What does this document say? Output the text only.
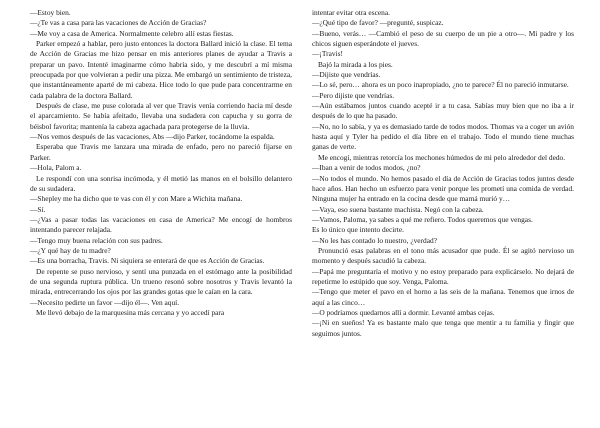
—Estoy bien.

—¿Te vas a casa para las vacaciones de Acción de Gracias?

—Me voy a casa de America. Normalmente celebro allí estas fiestas.

Parker empezó a hablar, pero justo entonces la doctora Ballard inició la clase. El tema de Acción de Gracias me hizo pensar en mis anteriores planes de ayudar a Travis a preparar un pavo. Intenté imaginarme cómo habría sido, y me descubrí a mí misma preocupada por que volvieran a pedir una pizza. Me embargó un sentimiento de tristeza, que instantáneamente aparté de mi cabeza. Hice todo lo que pude para concentrarme en cada palabra de la doctora Ballard.

Después de clase, me puse colorada al ver que Travis venía corriendo hacia mí desde el aparcamiento. Se había afeitado, llevaba una sudadera con capucha y su gorra de béisbol favorita; mantenía la cabeza agachada para protegerse de la lluvia.

—Nos vemos después de las vacaciones, Abs —dijo Parker, tocándome la espalda.

Esperaba que Travis me lanzara una mirada de enfado, pero no pareció fijarse en Parker.

—Hola, Palom a.

Le respondí con una sonrisa incómoda, y él metió las manos en el bolsillo delantero de su sudadera.

—Shepley me ha dicho que te vas con él y con Mare a Wichita mañana.

—Sí.

—¿Vas a pasar todas las vacaciones en casa de America? Me encogí de hombros intentando parecer relajada.

—Tengo muy buena relación con sus padres.

—¿Y qué hay de tu madre?

—Es una borracha, Travis. Ni siquiera se enterará de que es Acción de Gracias.

De repente se puso nervioso, y sentí una punzada en el estómago ante la posibilidad de una segunda ruptura pública. Un trueno resonó sobre nosotros y Travis levantó la mirada, entrecerrando los ojos por las grandes gotas que le caían en la cara.

—Necesito pedirte un favor —dijo él—. Ven aquí.

Me llevó debajo de la marquesina más cercana y yo accedí para

intentar evitar otra escena.

—¿Qué tipo de favor? —pregunté, suspicaz.

—Bueno, verás… —Cambió el peso de su cuerpo de un pie a otro—. Mi padre y los chicos siguen esperándote el jueves.

—¡Travis!

Bajó la mirada a los pies.

—Dijiste que vendrías.

—Lo sé, pero… ahora es un poco inapropiado, ¿no te parece? Él no pareció inmutarse.

—Pero dijiste que vendrías.

—Aún estábamos juntos cuando acepté ir a tu casa. Sabías muy bien que no iba a ir después de lo que ha pasado.

—No, no lo sabía, y ya es demasiado tarde de todos modos. Thomas va a coger un avión hasta aquí y Tyler ha pedido el día libre en el trabajo. Todo el mundo tiene muchas ganas de verte.

Me encogí, mientras retorcía los mechones húmedos de mi pelo alrededor del dedo.

—Iban a venir de todos modos, ¿no?

—No todos el mundo. No hemos pasado el día de Acción de Gracias todos juntos desde hace años. Han hecho un esfuerzo para venir porque les prometí una comida de verdad. Ninguna mujer ha entrado en la cocina desde que mamá murió y…

—Vaya, eso suena bastante machista. Negó con la cabeza.

—Vamos, Paloma, ya sabes a qué me refiero. Todos queremos que vengas.

Es lo único que intento decirte.

—No les has contado lo nuestro, ¿verdad?

Pronunció esas palabras en el tono más acusador que pude. Él se agitó nervioso un momento y después sacudió la cabeza.

—Papá me preguntaría el motivo y no estoy preparado para explicárselo. No dejará de repetirme lo estúpido que soy. Venga, Paloma.

—Tengo que meter el pavo en el horno a las seis de la mañana. Tenemos que irnos de aquí a las cinco…

—O podríamos quedarnos allí a dormir. Levanté ambas cejas.

—¡Ni en sueños! Ya es bastante malo que tenga que mentir a tu familia y fingir que seguimos juntos.
